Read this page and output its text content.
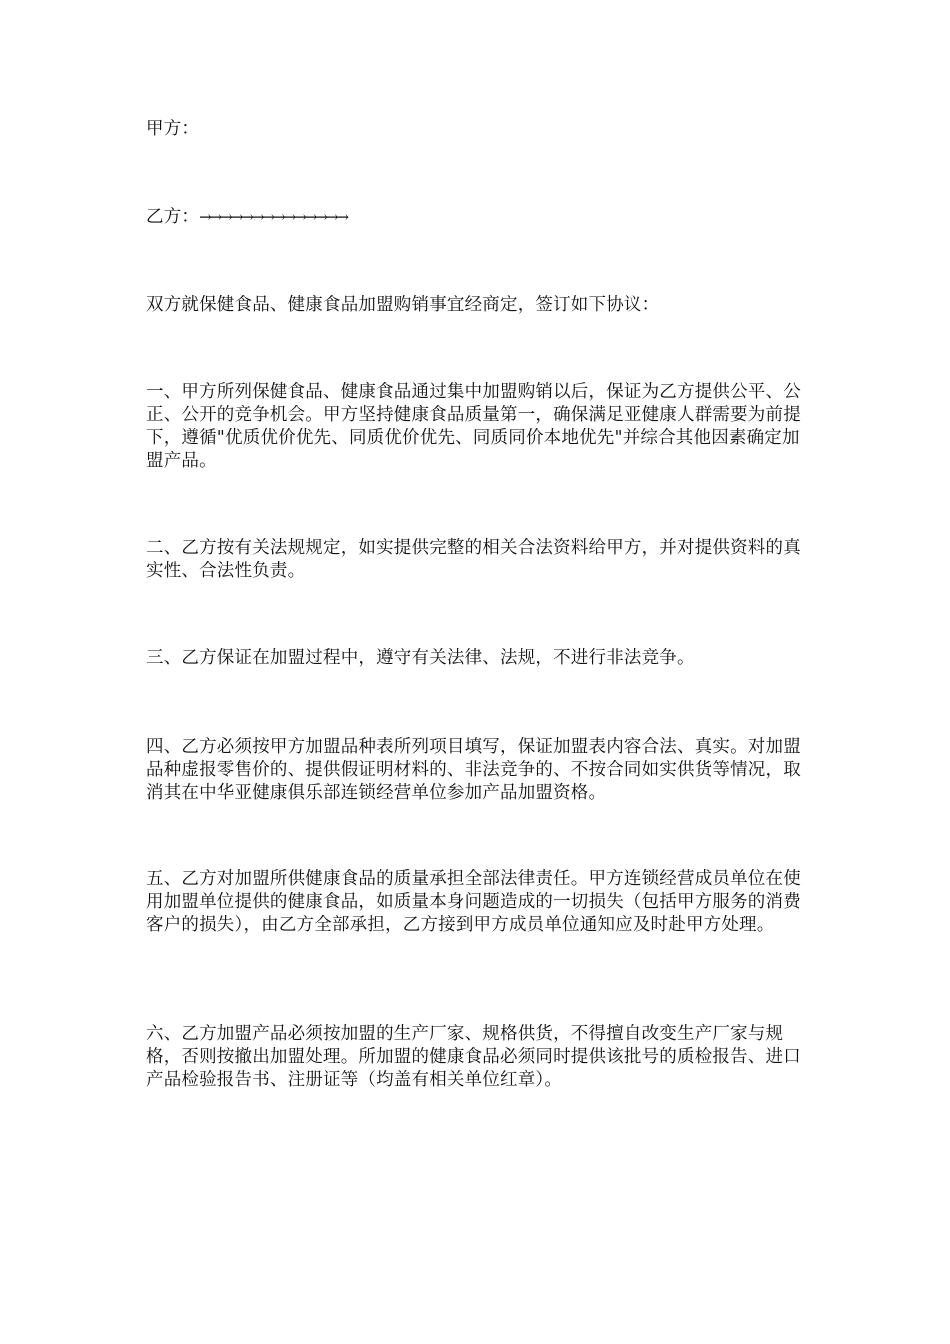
甲方：

乙方：→→→→→→→→→→→→→→

双方就保健食品、健康食品加盟购销事宜经商定，签订如下协议：

一、甲方所列保健食品、健康食品通过集中加盟购销以后，保证为乙方提供公平、公正、公开的竞争机会。甲方坚持健康食品质量第一，确保满足亚健康人群需要为前提下，遵循"优质优价优先、同质优价优先、同质同价本地优先"并综合其他因素确定加盟产品。

二、乙方按有关法规规定，如实提供完整的相关合法资料给甲方，并对提供资料的真实性、合法性负责。

三、乙方保证在加盟过程中，遵守有关法律、法规，不进行非法竞争。

四、乙方必须按甲方加盟品种表所列项目填写，保证加盟表内容合法、真实。对加盟品种虚报零售价的、提供假证明材料的、非法竞争的、不按合同如实供货等情况，取消其在中华亚健康俱乐部连锁经营单位参加产品加盟资格。

五、乙方对加盟所供健康食品的质量承担全部法律责任。甲方连锁经营成员单位在使用加盟单位提供的健康食品，如质量本身问题造成的一切损失（包括甲方服务的消费客户的损失），由乙方全部承担，乙方接到甲方成员单位通知应及时赴甲方处理。

六、乙方加盟产品必须按加盟的生产厂家、规格供货，不得擅自改变生产厂家与规格，否则按撤出加盟处理。所加盟的健康食品必须同时提供该批号的质检报告、进口产品检验报告书、注册证等（均盖有相关单位红章）。
